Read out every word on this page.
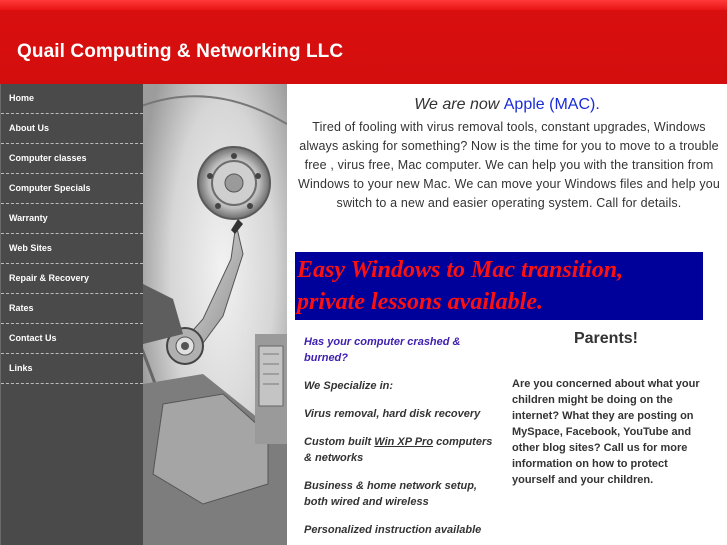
Quail Computing & Networking LLC
Home
About Us
Computer classes
Computer Specials
Warranty
Web Sites
Repair & Recovery
Rates
Contact Us
Links
We are now Apple (MAC).
Tired of fooling with virus removal tools, constant upgrades, Windows always asking for something? Now is the time for you to move to a trouble free , virus free, Mac computer. We can help you with the transition from Windows to your new Mac. We can move your Windows files and help you switch to a new and easier operating system. Call for details.
Easy Windows to Mac transition,
private lessons available.

Has your computer crashed & burned?

We Specialize in:

Virus removal, hard disk recovery

Custom built Win XP Pro computers & networks

Business & home network setup, both wired and wireless

Personalized instruction available

Parents!

Are you concerned about what your children might be doing on the internet? What they are posting on MySpace, Facebook, YouTube and other blog sites? Call us for more information on how to protect yourself and your children.
